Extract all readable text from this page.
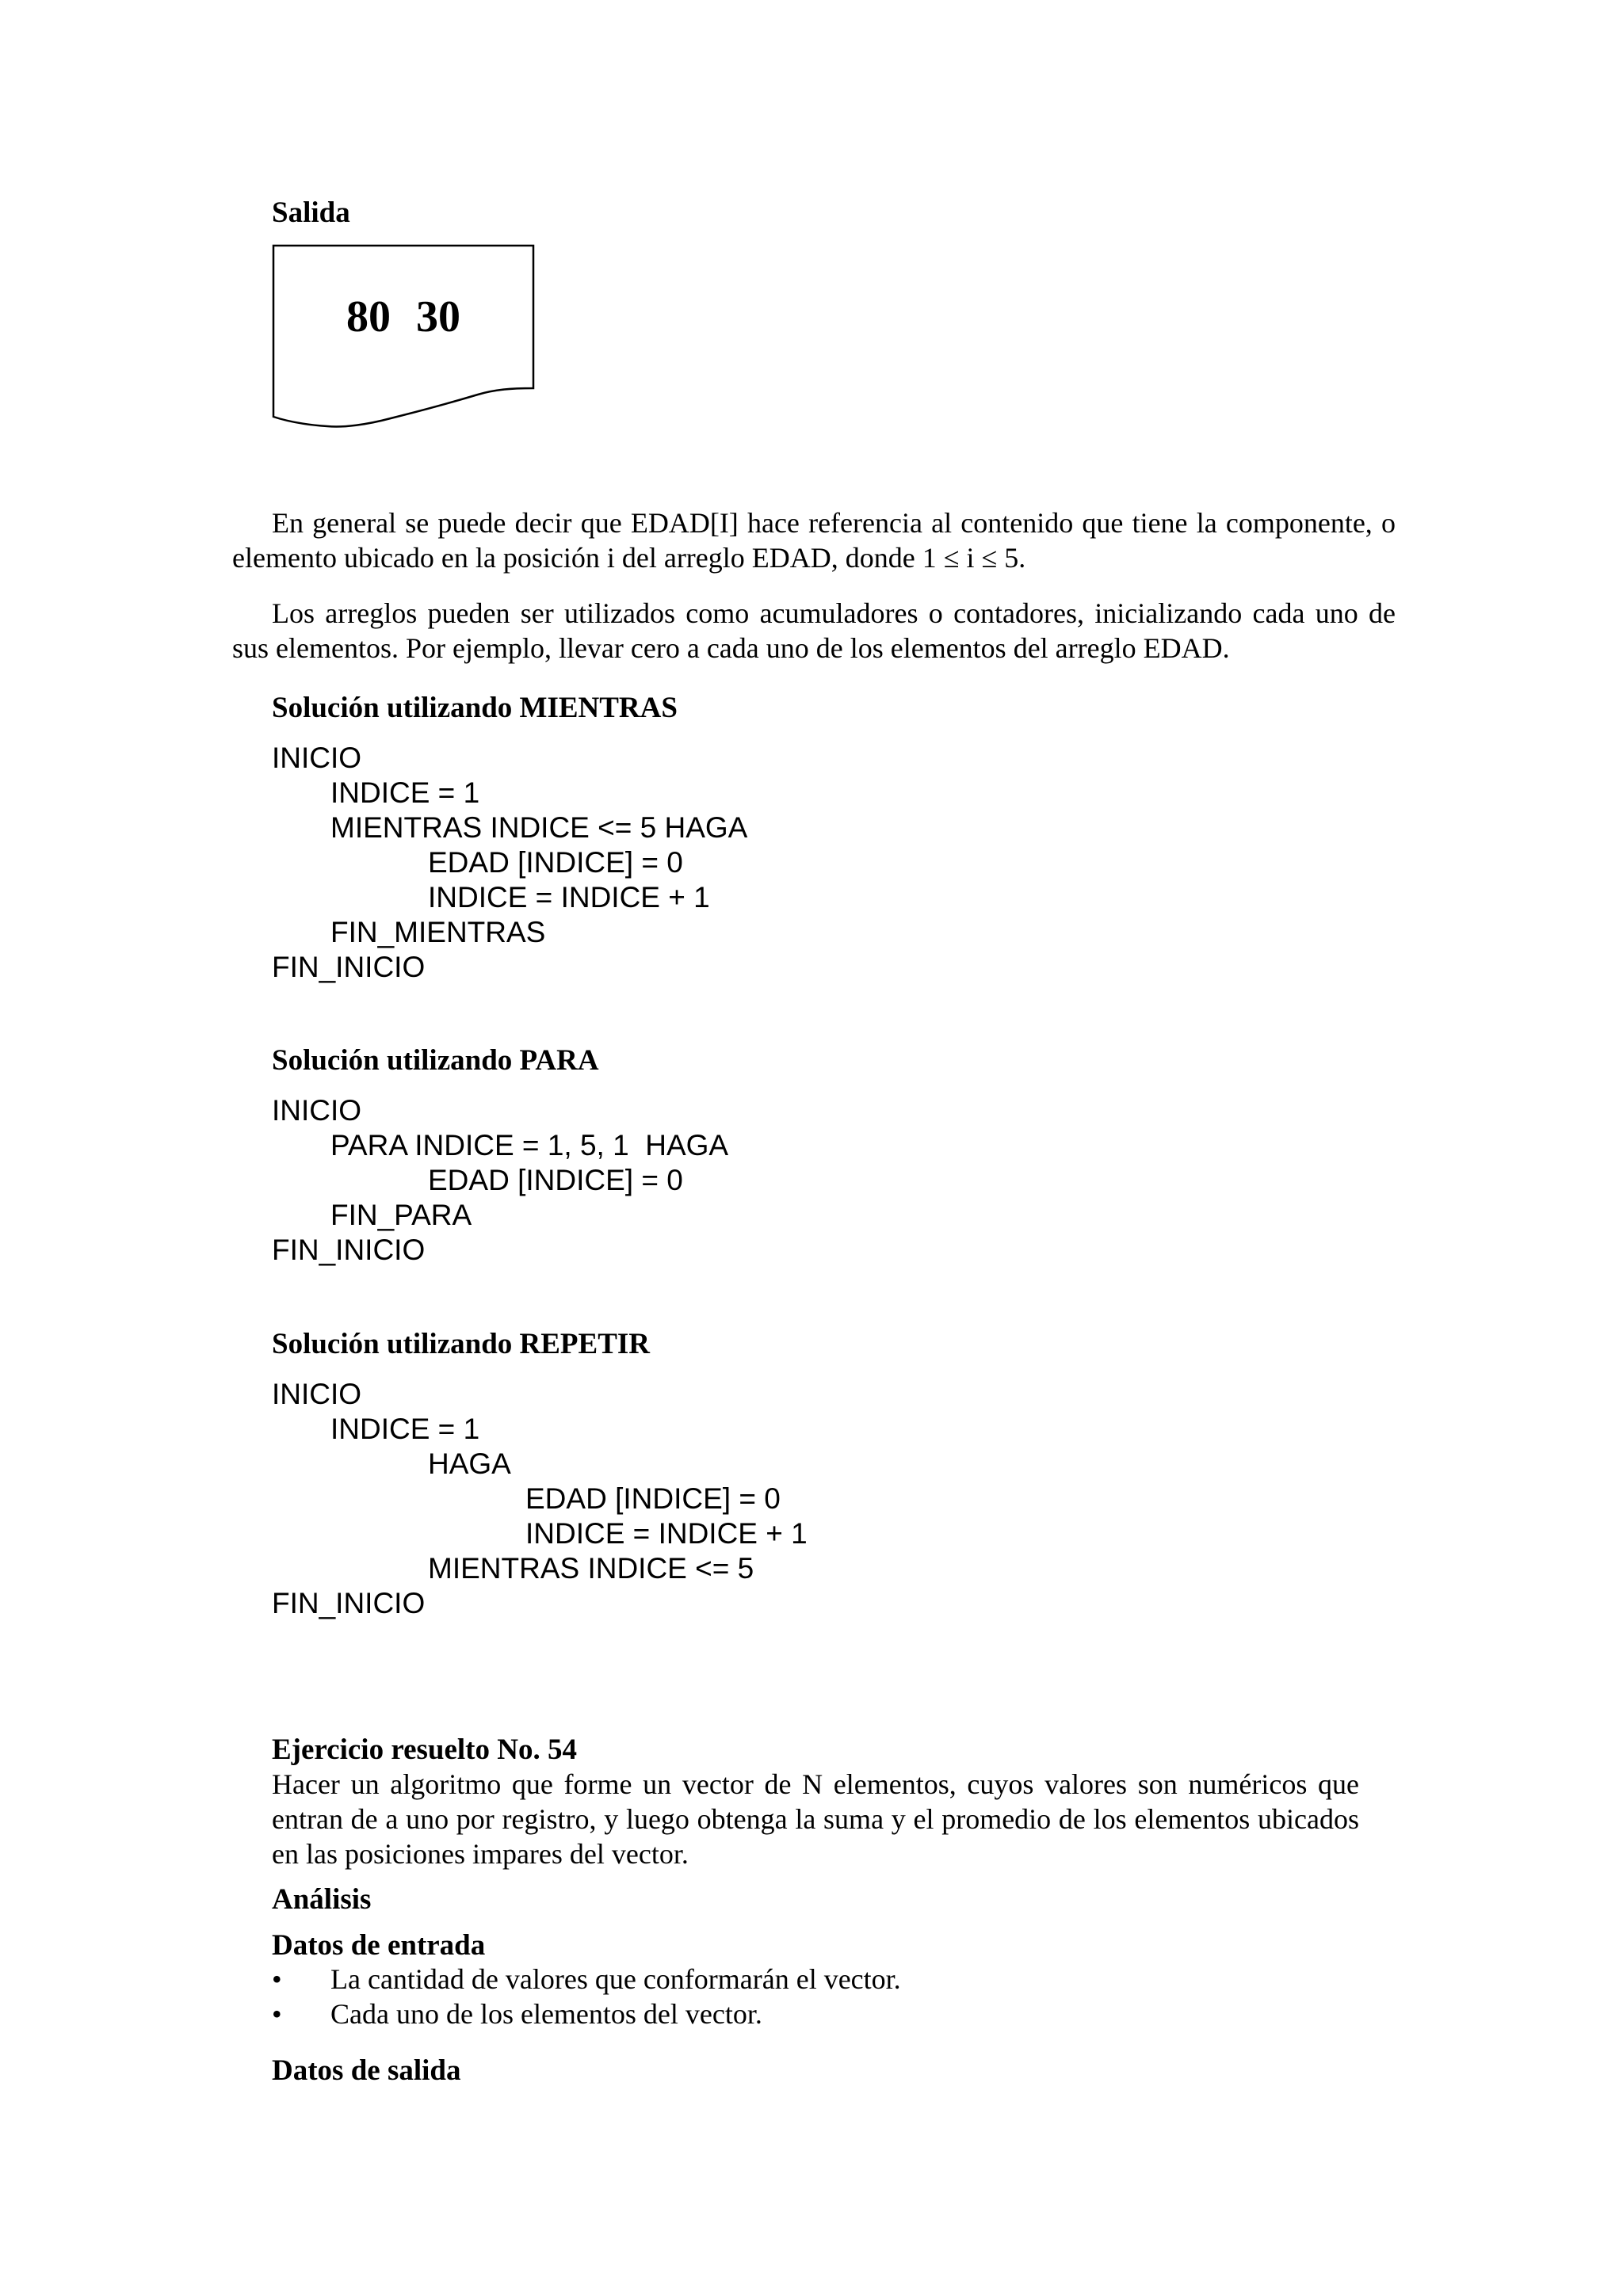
Salida
80 30
En general se puede decir que EDAD[I] hace referencia al contenido que tiene la componente, o elemento ubicado en la posición i del arreglo EDAD, donde 1 ≤ i ≤ 5.
Los arreglos pueden ser utilizados como acumuladores o contadores, inicializando cada uno de sus elementos. Por ejemplo, llevar cero a cada uno de los elementos del arreglo EDAD.
Solución utilizando MIENTRAS
INICIO
INDICE = 1
MIENTRAS INDICE <= 5 HAGA
EDAD [INDICE] = 0
INDICE = INDICE + 1
FIN_MIENTRAS
FIN_INICIO
Solución utilizando PARA
INICIO
PARA INDICE = 1, 5, 1  HAGA
EDAD [INDICE] = 0
FIN_PARA
FIN_INICIO
Solución utilizando REPETIR
INICIO
INDICE = 1
HAGA
EDAD [INDICE] = 0
INDICE = INDICE + 1
MIENTRAS INDICE <= 5
FIN_INICIO
Ejercicio resuelto No. 54
Hacer un algoritmo que forme un vector de N elementos, cuyos valores son numéricos que entran de a uno por registro, y luego obtenga la suma y el promedio de los elementos ubicados en las posiciones impares del vector.
Análisis
Datos de entrada
• La cantidad de valores que conformarán el vector.
• Cada uno de los elementos del vector.
Datos de salida
